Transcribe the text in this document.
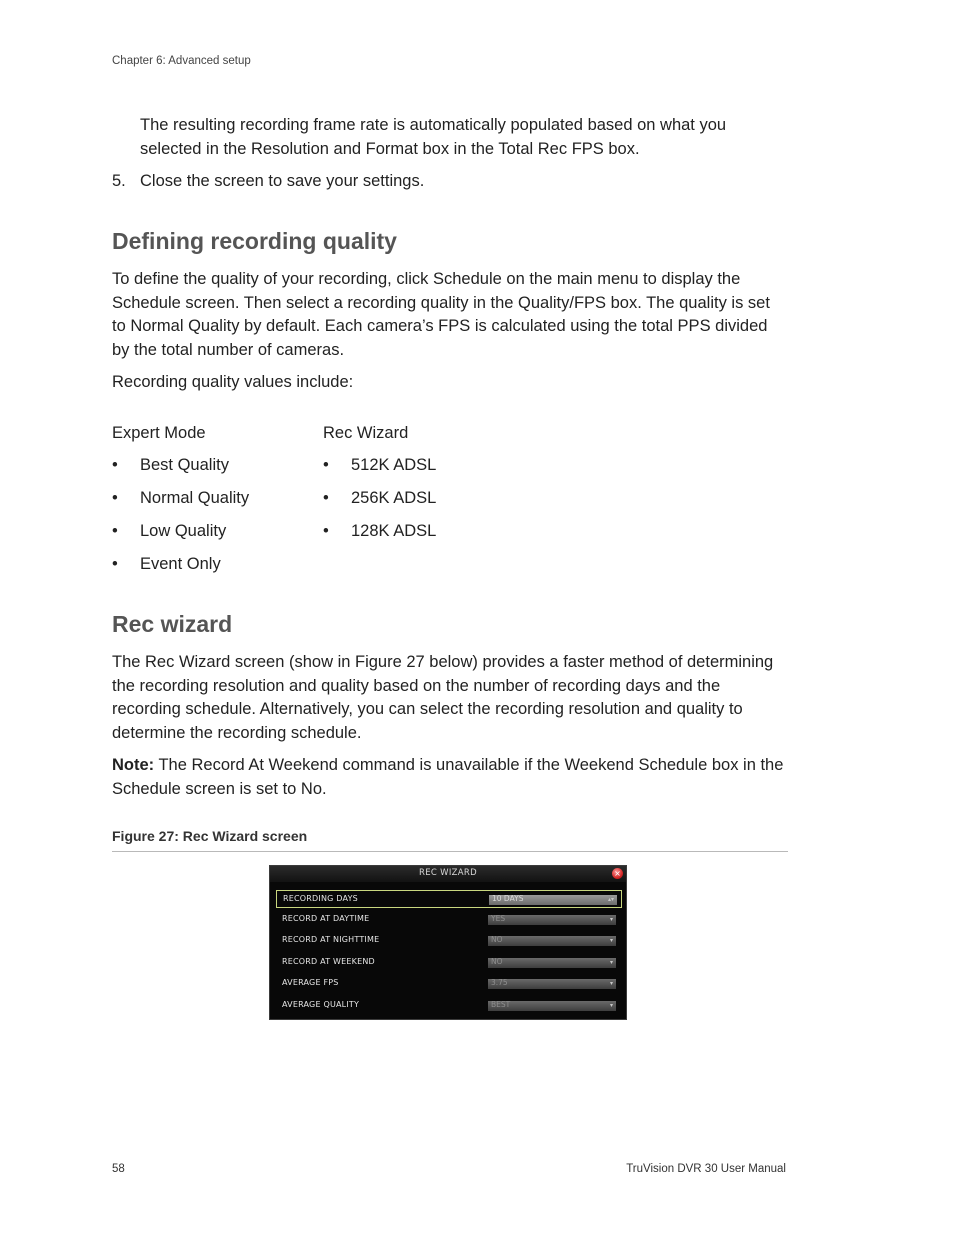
Chapter 6: Advanced setup
The resulting recording frame rate is automatically populated based on what you selected in the Resolution and Format box in the Total Rec FPS box.
5. Close the screen to save your settings.
Defining recording quality
To define the quality of your recording, click Schedule on the main menu to display the Schedule screen. Then select a recording quality in the Quality/FPS box. The quality is set to Normal Quality by default. Each camera’s FPS is calculated using the total PPS divided by the total number of cameras.
Recording quality values include:
Expert Mode	Rec Wizard
• Best Quality
• Normal Quality
• Low Quality
• Event Only
• 512K ADSL
• 256K ADSL
• 128K ADSL
Rec wizard
The Rec Wizard screen (show in Figure 27 below) provides a faster method of determining the recording resolution and quality based on the number of recording days and the recording schedule. Alternatively, you can select the recording resolution and quality to determine the recording schedule.
Note: The Record At Weekend command is unavailable if the Weekend Schedule box in the Schedule screen is set to No.
Figure 27: Rec Wizard screen
REC WIZARD	×
RECORDING DAYS	10 DAYS	▴▾
RECORD AT DAYTIME	YES	▾
RECORD AT NIGHTTIME	NO	▾
RECORD AT WEEKEND	NO	▾
AVERAGE FPS	3.75	▾
AVERAGE QUALITY	BEST	▾
58	TruVision DVR 30 User Manual
